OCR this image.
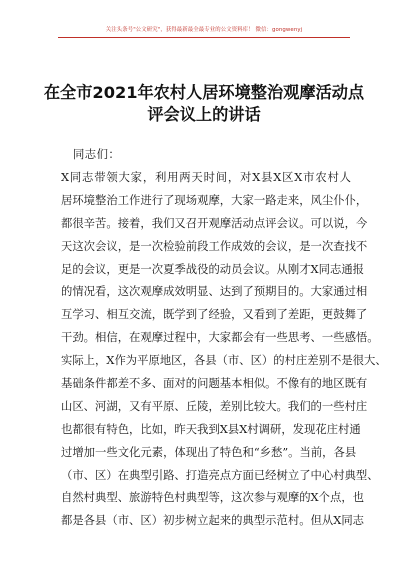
关注头条号"公文研究"，获得最新最全最专业的公文资料库！ 微信：gongwenyj
在全市2021年农村人居环境整治观摩活动点
评会议上的讲话
同志们：
X同志带领大家，利用两天时间，对X县X区X市农村人
居环境整治工作进行了现场观摩，大家一路走来，风尘仆仆，
都很辛苦。接着，我们又召开观摩活动点评会议。可以说，今
天这次会议，是一次检验前段工作成效的会议，是一次查找不
足的会议，更是一次夏季战役的动员会议。从刚才X同志通报
的情况看，这次观摩成效明显、达到了预期目的。大家通过相
互学习、相互交流，既学到了经验，又看到了差距，更鼓舞了
干劲。相信，在观摩过程中，大家都会有一些思考、一些感悟。
实际上，X作为平原地区，各县（市、区）的村庄差别不是很大、
基础条件都差不多、面对的问题基本相似。不像有的地区既有
山区、河湖，又有平原、丘陵，差别比较大。我们的一些村庄
也都很有特色，比如，昨天我到X县X村调研，发现花庄村通
过增加一些文化元素，体现出了特色和“乡愁”。当前，各县
（市、区）在典型引路、打造亮点方面已经树立了中心村典型、
自然村典型、旅游特色村典型等，这次参与观摩的X个点，也
都是各县（市、区）初步树立起来的典型示范村。但从X同志
